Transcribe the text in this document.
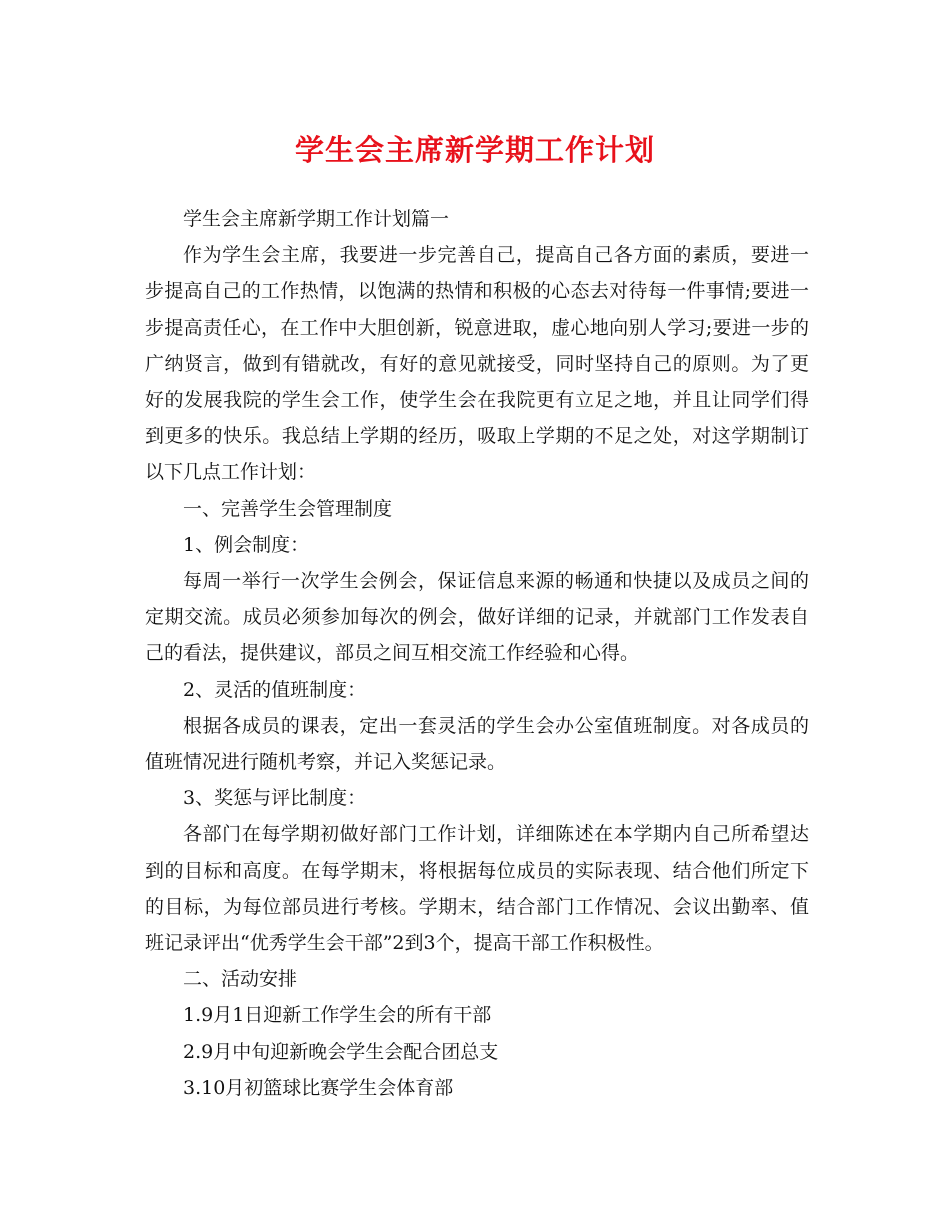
学生会主席新学期工作计划

学生会主席新学期工作计划篇一

作为学生会主席，我要进一步完善自己，提高自己各方面的素质，要进一步提高自己的工作热情，以饱满的热情和积极的心态去对待每一件事情;要进一步提高责任心，在工作中大胆创新，锐意进取，虚心地向别人学习;要进一步的广纳贤言，做到有错就改，有好的意见就接受，同时坚持自己的原则。为了更好的发展我院的学生会工作，使学生会在我院更有立足之地，并且让同学们得到更多的快乐。我总结上学期的经历，吸取上学期的不足之处，对这学期制订以下几点工作计划：

一、完善学生会管理制度

1、例会制度：

每周一举行一次学生会例会，保证信息来源的畅通和快捷以及成员之间的定期交流。成员必须参加每次的例会，做好详细的记录，并就部门工作发表自己的看法，提供建议，部员之间互相交流工作经验和心得。

2、灵活的值班制度：

根据各成员的课表，定出一套灵活的学生会办公室值班制度。对各成员的值班情况进行随机考察，并记入奖惩记录。

3、奖惩与评比制度：

各部门在每学期初做好部门工作计划，详细陈述在本学期内自己所希望达到的目标和高度。在每学期末，将根据每位成员的实际表现、结合他们所定下的目标，为每位部员进行考核。学期末，结合部门工作情况、会议出勤率、值班记录评出“优秀学生会干部”2到3个，提高干部工作积极性。

二、活动安排

1.9月1日迎新工作学生会的所有干部

2.9月中旬迎新晚会学生会配合团总支

3.10月初篮球比赛学生会体育部
